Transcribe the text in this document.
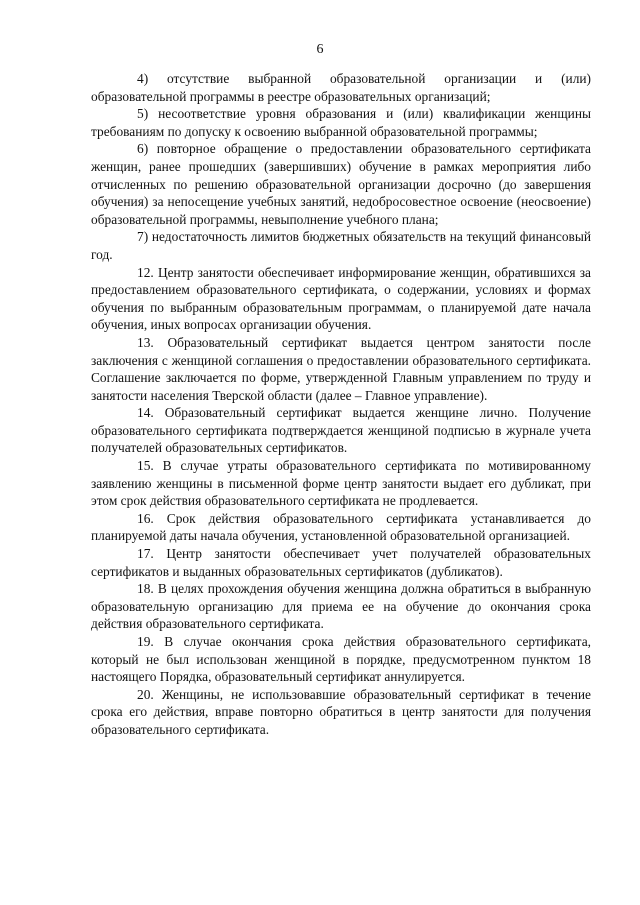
6

4) отсутствие выбранной образовательной организации и (или) образовательной программы в реестре образовательных организаций;

5) несоответствие уровня образования и (или) квалификации женщины требованиям по допуску к освоению выбранной образовательной программы;

6) повторное обращение о предоставлении образовательного сертификата женщин, ранее прошедших (завершивших) обучение в рамках мероприятия либо отчисленных по решению образовательной организации досрочно (до завершения обучения) за непосещение учебных занятий, недобросовестное освоение (неосвоение) образовательной программы, невыполнение учебного плана;

7) недостаточность лимитов бюджетных обязательств на текущий финансовый год.

12. Центр занятости обеспечивает информирование женщин, обратившихся за предоставлением образовательного сертификата, о содержании, условиях и формах обучения по выбранным образовательным программам, о планируемой дате начала обучения, иных вопросах организации обучения.

13. Образовательный сертификат выдается центром занятости после заключения с женщиной соглашения о предоставлении образовательного сертификата. Соглашение заключается по форме, утвержденной Главным управлением по труду и занятости населения Тверской области (далее – Главное управление).

14. Образовательный сертификат выдается женщине лично. Получение образовательного сертификата подтверждается женщиной подписью в журнале учета получателей образовательных сертификатов.

15. В случае утраты образовательного сертификата по мотивированному заявлению женщины в письменной форме центр занятости выдает его дубликат, при этом срок действия образовательного сертификата не продлевается.

16. Срок действия образовательного сертификата устанавливается до планируемой даты начала обучения, установленной образовательной организацией.

17. Центр занятости обеспечивает учет получателей образовательных сертификатов и выданных образовательных сертификатов (дубликатов).

18. В целях прохождения обучения женщина должна обратиться в выбранную образовательную организацию для приема ее на обучение до окончания срока действия образовательного сертификата.

19. В случае окончания срока действия образовательного сертификата, который не был использован женщиной в порядке, предусмотренном пунктом 18 настоящего Порядка, образовательный сертификат аннулируется.

20. Женщины, не использовавшие образовательный сертификат в течение срока его действия, вправе повторно обратиться в центр занятости для получения образовательного сертификата.
